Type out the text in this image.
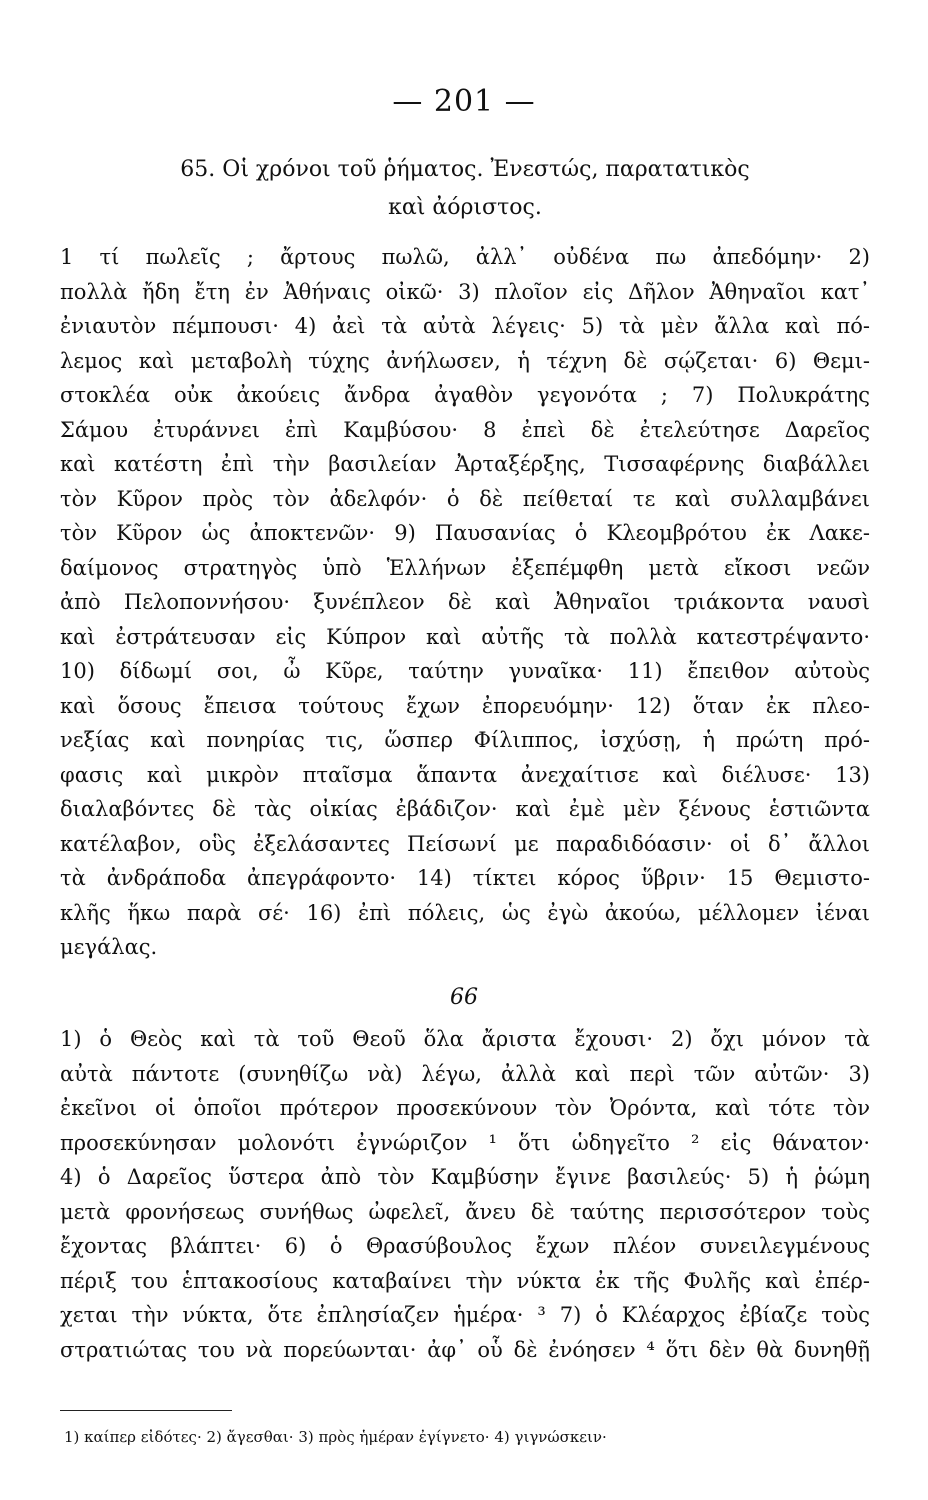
— 201 —
65. Οἱ χρόνοι τοῦ ῥήματος. Ἐνεστώς, παρατατικὸς
καὶ ἀόριστος.
1 τί πωλεῖς ; ἄρτους πωλῶ, ἀλλ᾽ οὐδένα πω ἀπεδόμην· 2)
πολλὰ ἤδη ἔτη ἐν Ἀθήναις οἰκῶ· 3) πλοῖον εἰς Δῆλον Ἀθηναῖοι κατ᾽
ἐνιαυτὸν πέμπουσι· 4) ἀεὶ τὰ αὐτὰ λέγεις· 5) τὰ μὲν ἄλλα καὶ πό-
λεμος καὶ μεταβολὴ τύχης ἀνήλωσεν, ἡ τέχνη δὲ σῴζεται· 6) Θεμι-
στοκλέα οὐκ ἀκούεις ἄνδρα ἀγαθὸν γεγονότα ; 7) Πολυκράτης
Σάμου ἐτυράννει ἐπὶ Καμβύσου· 8 ἐπεὶ δὲ ἐτελεύτησε Δαρεῖος
καὶ κατέστη ἐπὶ τὴν βασιλείαν Ἀρταξέρξης, Τισσαφέρνης διαβάλλει
τὸν Κῦρον πρὸς τὸν ἀδελφόν· ὁ δὲ πείθεταί τε καὶ συλλαμβάνει
τὸν Κῦρον ὡς ἀποκτενῶν· 9) Παυσανίας ὁ Κλεομβρότου ἐκ Λακε-
δαίμονος στρατηγὸς ὑπὸ Ἑλλήνων ἐξεπέμφθη μετὰ εἴκοσι νεῶν
ἀπὸ Πελοποννήσου· ξυνέπλεον δὲ καὶ Ἀθηναῖοι τριάκοντα ναυσὶ
καὶ ἐστράτευσαν εἰς Κύπρον καὶ αὐτῆς τὰ πολλὰ κατεστρέψαντο·
10) δίδωμί σοι, ὦ Κῦρε, ταύτην γυναῖκα· 11) ἔπειθον αὐτοὺς
καὶ ὅσους ἔπεισα τούτους ἔχων ἐπορευόμην· 12) ὅταν ἐκ πλεο-
νεξίας καὶ πονηρίας τις, ὥσπερ Φίλιππος, ἰσχύσῃ, ἡ πρώτη πρό-
φασις καὶ μικρὸν πταῖσμα ἅπαντα ἀνεχαίτισε καὶ διέλυσε· 13)
διαλαβόντες δὲ τὰς οἰκίας ἐβάδιζον· καὶ ἐμὲ μὲν ξένους ἑστιῶντα
κατέλαβον, οὓς ἐξελάσαντες Πείσωνί με παραδιδόασιν· οἱ δ᾽ ἄλλοι
τὰ ἀνδράποδα ἀπεγράφοντο· 14) τίκτει κόρος ὕβριν· 15 Θεμιστο-
κλῆς ἥκω παρὰ σέ· 16) ἐπὶ πόλεις, ὡς ἐγὼ ἀκούω, μέλλομεν ἰέναι
μεγάλας.
66
1) ὁ Θεὸς καὶ τὰ τοῦ Θεοῦ ὅλα ἄριστα ἔχουσι· 2) ὄχι μόνον τὰ
αὐτὰ πάντοτε (συνηθίζω νὰ) λέγω, ἀλλὰ καὶ περὶ τῶν αὐτῶν· 3)
ἐκεῖνοι οἱ ὁποῖοι πρότερον προσεκύνουν τὸν Ὀρόντα, καὶ τότε τὸν
προσεκύνησαν μολονότι ἐγνώριζον ¹ ὅτι ὡδηγεῖτο ² εἰς θάνατον·
4) ὁ Δαρεῖος ὕστερα ἀπὸ τὸν Καμβύσην ἔγινε βασιλεύς· 5) ἡ ῥώμη
μετὰ φρονήσεως συνήθως ὠφελεῖ, ἄνευ δὲ ταύτης περισσότερον τοὺς
ἔχοντας βλάπτει· 6) ὁ Θρασύβουλος ἔχων πλέον συνειλεγμένους
πέριξ του ἑπτακοσίους καταβαίνει τὴν νύκτα ἐκ τῆς Φυλῆς καὶ ἐπέρ-
χεται τὴν νύκτα, ὅτε ἐπλησίαζεν ἡμέρα· ³ 7) ὁ Κλέαρχος ἐβίαζε τοὺς
στρατιώτας του νὰ πορεύωνται· ἀφ᾽ οὗ δὲ ἐνόησεν ⁴ ὅτι δὲν θὰ δυνηθῇ
1) καίπερ εἰδότες· 2) ἄγεσθαι· 3) πρὸς ἡμέραν ἐγίγνετο· 4) γιγνώσκειν·
